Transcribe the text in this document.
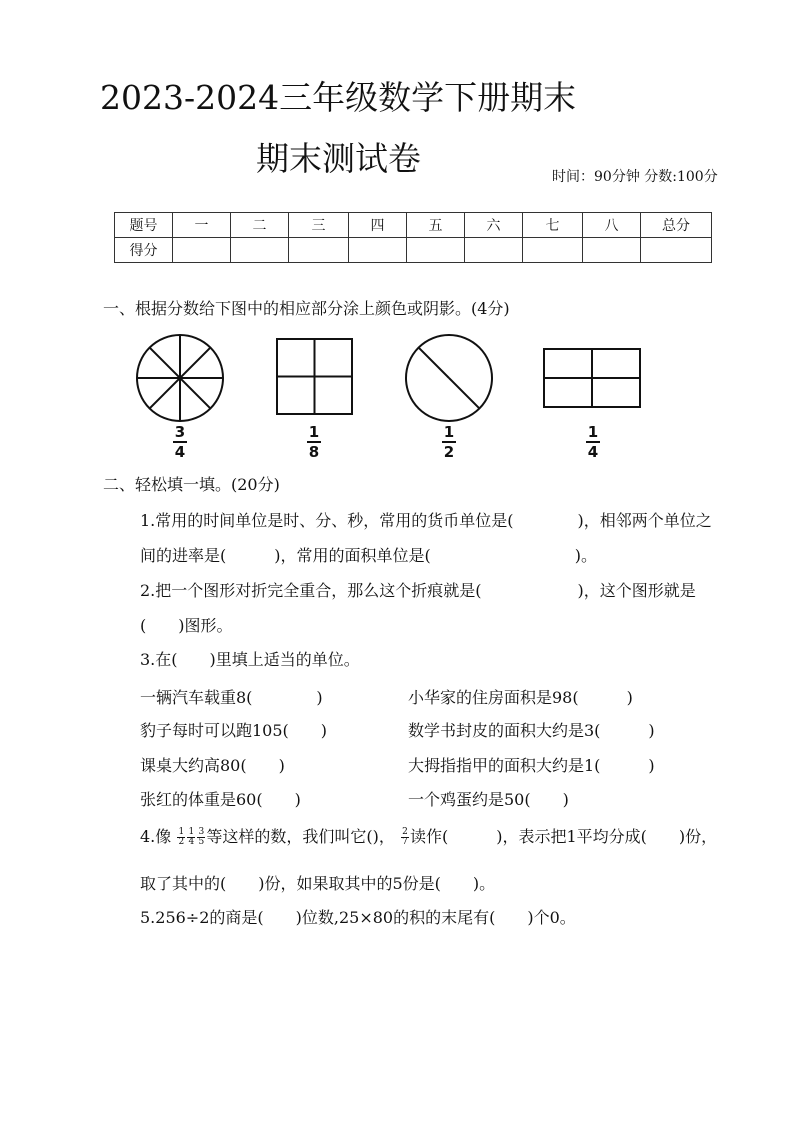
2023-2024三年级数学下册期末
期末测试卷	时间：90分钟 分数:100分
题号	一	二	三	四	五	六	七	八	总分
得分									
一、根据分数给下图中的相应部分涂上颜色或阴影。(4分)
3
4
1
8
1
2
1
4
二、轻松填一填。(20分)
1.常用的时间单位是时、分、秒，常用的货币单位是(　　　　)，相邻两个单位之
间的进率是(　　　)，常用的面积单位是(　　　　　　　　　)。
2.把一个图形对折完全重合，那么这个折痕就是(　　　　　　)，这个图形就是
(　　)图形。
3.在(　　)里填上适当的单位。
一辆汽车载重8(　　　　)	小华家的住房面积是98(　　　)
豹子每时可以跑105(　　)	数学书封皮的面积大约是3(　　　)
课桌大约高80(　　)	大拇指指甲的面积大约是1(　　　)
张红的体重是60(　　)	一个鸡蛋约是50(　　)
4.像 $\frac{1}{2} \frac{1}{4} \frac{3}{5}$ 等这样的数，我们叫它()， $\frac{2}{7}$ 读作(　　　)，表示把1平均分成(　　)份，
取了其中的(　　)份，如果取其中的5份是(　　)。
5.256÷2的商是(　　)位数,25×80的积的末尾有(　　)个0。
